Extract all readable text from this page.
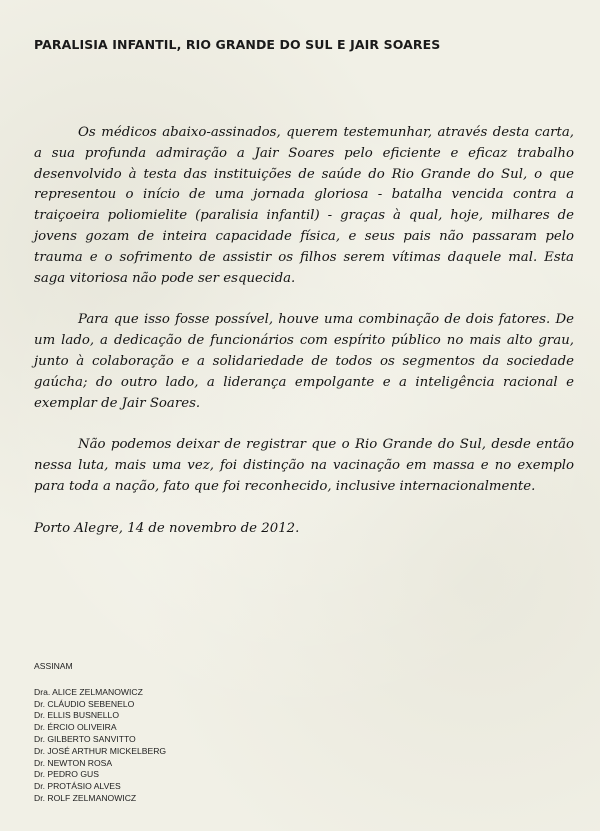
PARALISIA INFANTIL, RIO GRANDE DO SUL E JAIR SOARES

Os médicos abaixo-assinados, querem testemunhar, através desta carta, a sua profunda admiração a Jair Soares pelo eficiente e eficaz trabalho desenvolvido à testa das instituições de saúde do Rio Grande do Sul, o que representou o início de uma jornada gloriosa - batalha vencida contra a traiçoeira poliomielite (paralisia infantil) - graças à qual, hoje, milhares de jovens gozam de inteira capacidade física, e seus pais não passaram pelo trauma e o sofrimento de assistir os filhos serem vítimas daquele mal. Esta saga vitoriosa não pode ser esquecida.

Para que isso fosse possível, houve uma combinação de dois fatores. De um lado, a dedicação de funcionários com espírito público no mais alto grau, junto à colaboração e a solidariedade de todos os segmentos da sociedade gaúcha; do outro lado, a liderança empolgante e a inteligência racional e exemplar de Jair Soares.

Não podemos deixar de registrar que o Rio Grande do Sul, desde então nessa luta, mais uma vez, foi distinção na vacinação em massa e no exemplo para toda a nação, fato que foi reconhecido, inclusive internacionalmente.

Porto Alegre, 14 de novembro de 2012.

ASSINAM
Dra. ALICE ZELMANOWICZ
Dr. CLÁUDIO SEBENELO
Dr. ELLIS BUSNELLO
Dr. ÉRCIO OLIVEIRA
Dr. GILBERTO SANVITTO
Dr. JOSÉ ARTHUR MICKELBERG
Dr. NEWTON ROSA
Dr. PEDRO GUS
Dr. PROTÁSIO ALVES
Dr. ROLF ZELMANOWICZ
